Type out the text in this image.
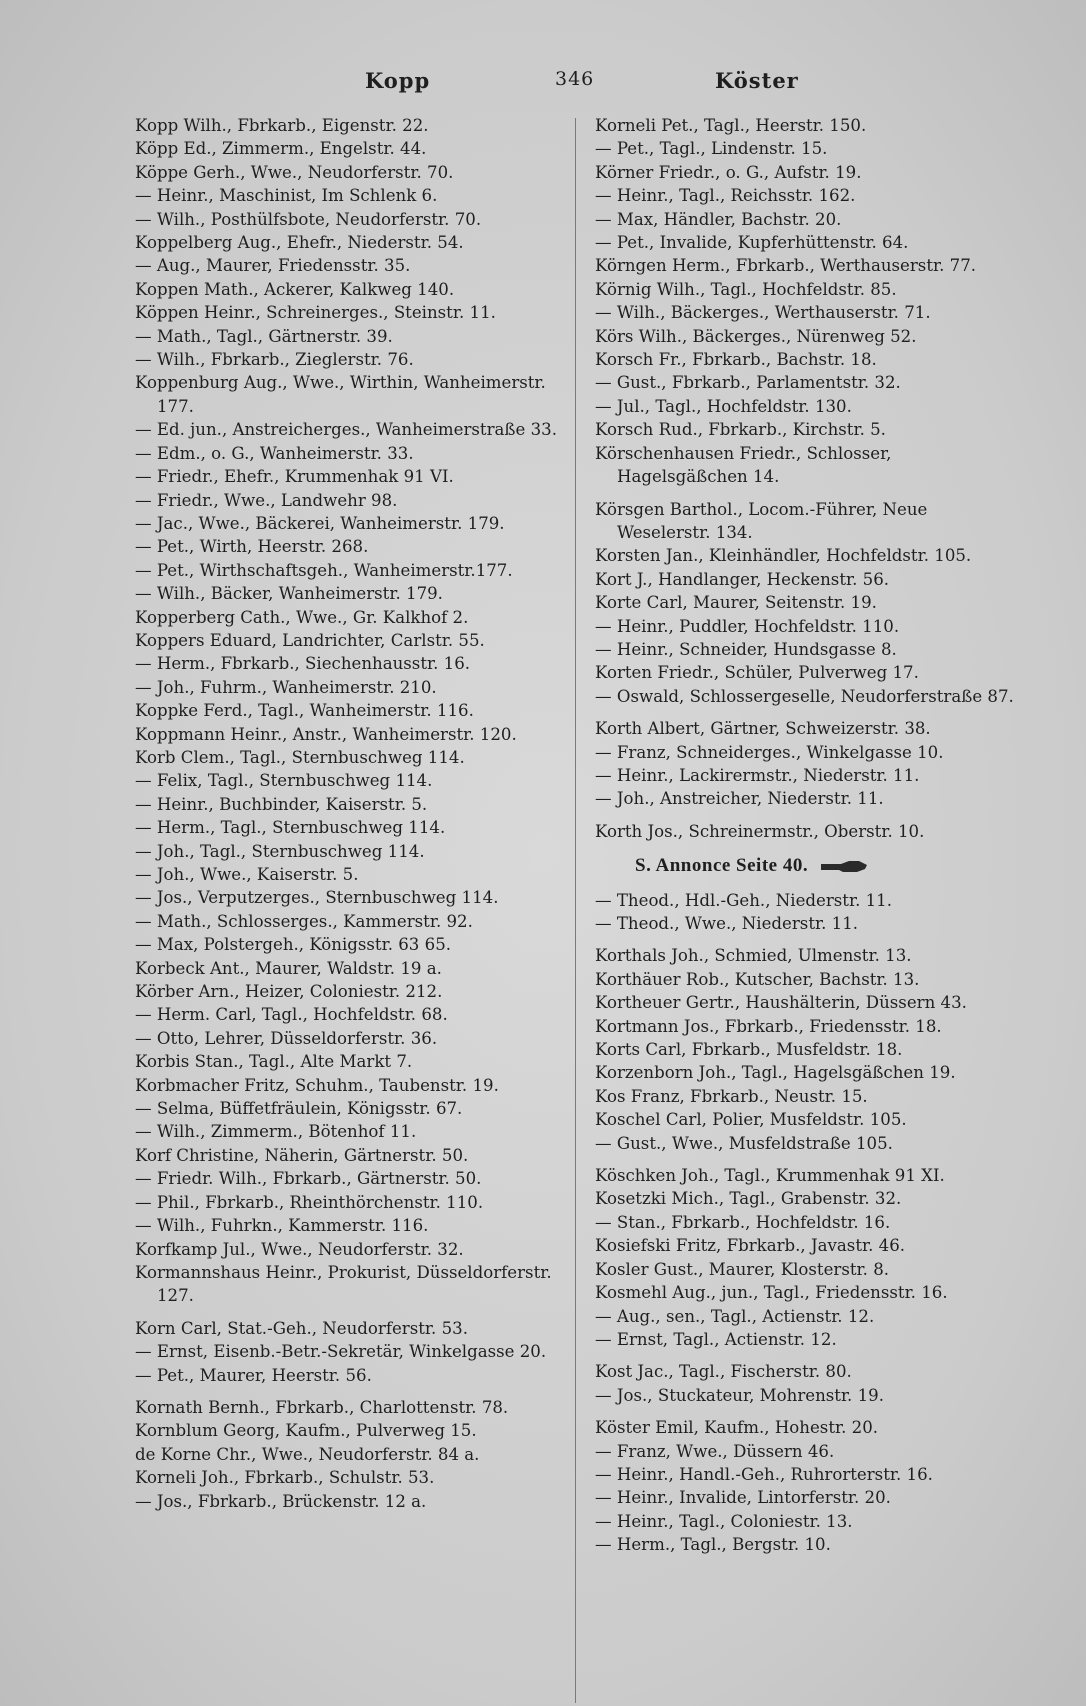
Kopp	346	Köster

Kopp Wilh., Fbrkarb., Eigenstr. 22.

Köpp Ed., Zimmerm., Engelstr. 44.

Köppe Gerh., Wwe., Neudorferstr. 70.

— Heinr., Maschinist, Im Schlenk 6.

— Wilh., Posthülfsbote, Neudorferstr. 70.

Koppelberg Aug., Ehefr., Niederstr. 54.

— Aug., Maurer, Friedensstr. 35.

Koppen Math., Ackerer, Kalkweg 140.

Köppen Heinr., Schreinerges., Steinstr. 11.

— Math., Tagl., Gärtnerstr. 39.

— Wilh., Fbrkarb., Zieglerstr. 76.

Koppenburg Aug., Wwe., Wirthin, Wanheimerstr. 177.

— Ed. jun., Anstreicherges., Wanheimerstraße 33.

— Edm., o. G., Wanheimerstr. 33.

— Friedr., Ehefr., Krummenhak 91 VI.

— Friedr., Wwe., Landwehr 98.

— Jac., Wwe., Bäckerei, Wanheimerstr. 179.

— Pet., Wirth, Heerstr. 268.

— Pet., Wirthschaftsgeh., Wanheimerstr.177.

— Wilh., Bäcker, Wanheimerstr. 179.

Kopperberg Cath., Wwe., Gr. Kalkhof 2.

Koppers Eduard, Landrichter, Carlstr. 55.

— Herm., Fbrkarb., Siechenhausstr. 16.

— Joh., Fuhrm., Wanheimerstr. 210.

Koppke Ferd., Tagl., Wanheimerstr. 116.

Koppmann Heinr., Anstr., Wanheimerstr. 120.

Korb Clem., Tagl., Sternbuschweg 114.

— Felix, Tagl., Sternbuschweg 114.

— Heinr., Buchbinder, Kaiserstr. 5.

— Herm., Tagl., Sternbuschweg 114.

— Joh., Tagl., Sternbuschweg 114.

— Joh., Wwe., Kaiserstr. 5.

— Jos., Verputzerges., Sternbuschweg 114.

— Math., Schlosserges., Kammerstr. 92.

— Max, Polstergeh., Königsstr. 63 65.

Korbeck Ant., Maurer, Waldstr. 19 a.

Körber Arn., Heizer, Coloniestr. 212.

— Herm. Carl, Tagl., Hochfeldstr. 68.

— Otto, Lehrer, Düsseldorferstr. 36.

Korbis Stan., Tagl., Alte Markt 7.

Korbmacher Fritz, Schuhm., Taubenstr. 19.

— Selma, Büffetfräulein, Königsstr. 67.

— Wilh., Zimmerm., Bötenhof 11.

Korf Christine, Näherin, Gärtnerstr. 50.

— Friedr. Wilh., Fbrkarb., Gärtnerstr. 50.

— Phil., Fbrkarb., Rheinthörchenstr. 110.

— Wilh., Fuhrkn., Kammerstr. 116.

Korfkamp Jul., Wwe., Neudorferstr. 32.

Kormannshaus Heinr., Prokurist, Düsseldorferstr. 127.

Korn Carl, Stat.-Geh., Neudorferstr. 53.

— Ernst, Eisenb.-Betr.-Sekretär, Winkelgasse 20.

— Pet., Maurer, Heerstr. 56.

Kornath Bernh., Fbrkarb., Charlottenstr. 78.

Kornblum Georg, Kaufm., Pulverweg 15.

de Korne Chr., Wwe., Neudorferstr. 84 a.

Korneli Joh., Fbrkarb., Schulstr. 53.

— Jos., Fbrkarb., Brückenstr. 12 a.

Korneli Pet., Tagl., Heerstr. 150.

— Pet., Tagl., Lindenstr. 15.

Körner Friedr., o. G., Aufstr. 19.

— Heinr., Tagl., Reichsstr. 162.

— Max, Händler, Bachstr. 20.

— Pet., Invalide, Kupferhüttenstr. 64.

Körngen Herm., Fbrkarb., Werthauserstr. 77.

Körnig Wilh., Tagl., Hochfeldstr. 85.

— Wilh., Bäckerges., Werthauserstr. 71.

Körs Wilh., Bäckerges., Nürenweg 52.

Korsch Fr., Fbrkarb., Bachstr. 18.

— Gust., Fbrkarb., Parlamentstr. 32.

— Jul., Tagl., Hochfeldstr. 130.

Korsch Rud., Fbrkarb., Kirchstr. 5.

Körschenhausen Friedr., Schlosser, Hagelsgäßchen 14.

Körsgen Barthol., Locom.-Führer, Neue Weselerstr. 134.

Korsten Jan., Kleinhändler, Hochfeldstr. 105.

Kort J., Handlanger, Heckenstr. 56.

Korte Carl, Maurer, Seitenstr. 19.

— Heinr., Puddler, Hochfeldstr. 110.

— Heinr., Schneider, Hundsgasse 8.

Korten Friedr., Schüler, Pulverweg 17.

— Oswald, Schlossergeselle, Neudorferstraße 87.

Korth Albert, Gärtner, Schweizerstr. 38.

— Franz, Schneiderges., Winkelgasse 10.

— Heinr., Lackirermstr., Niederstr. 11.

— Joh., Anstreicher, Niederstr. 11.

Korth Jos., Schreinermstr., Oberstr. 10.

S. Annonce Seite 40.

— Theod., Hdl.-Geh., Niederstr. 11.

— Theod., Wwe., Niederstr. 11.

Korthals Joh., Schmied, Ulmenstr. 13.

Korthäuer Rob., Kutscher, Bachstr. 13.

Kortheuer Gertr., Haushälterin, Düssern 43.

Kortmann Jos., Fbrkarb., Friedensstr. 18.

Korts Carl, Fbrkarb., Musfeldstr. 18.

Korzenborn Joh., Tagl., Hagelsgäßchen 19.

Kos Franz, Fbrkarb., Neustr. 15.

Koschel Carl, Polier, Musfeldstr. 105.

— Gust., Wwe., Musfeldstraße 105.

Köschken Joh., Tagl., Krummenhak 91 XI.

Kosetzki Mich., Tagl., Grabenstr. 32.

— Stan., Fbrkarb., Hochfeldstr. 16.

Kosiefski Fritz, Fbrkarb., Javastr. 46.

Kosler Gust., Maurer, Klosterstr. 8.

Kosmehl Aug., jun., Tagl., Friedensstr. 16.

— Aug., sen., Tagl., Actienstr. 12.

— Ernst, Tagl., Actienstr. 12.

Kost Jac., Tagl., Fischerstr. 80.

— Jos., Stuckateur, Mohrenstr. 19.

Köster Emil, Kaufm., Hohestr. 20.

— Franz, Wwe., Düssern 46.

— Heinr., Handl.-Geh., Ruhrorterstr. 16.

— Heinr., Invalide, Lintorferstr. 20.

— Heinr., Tagl., Coloniestr. 13.

— Herm., Tagl., Bergstr. 10.
